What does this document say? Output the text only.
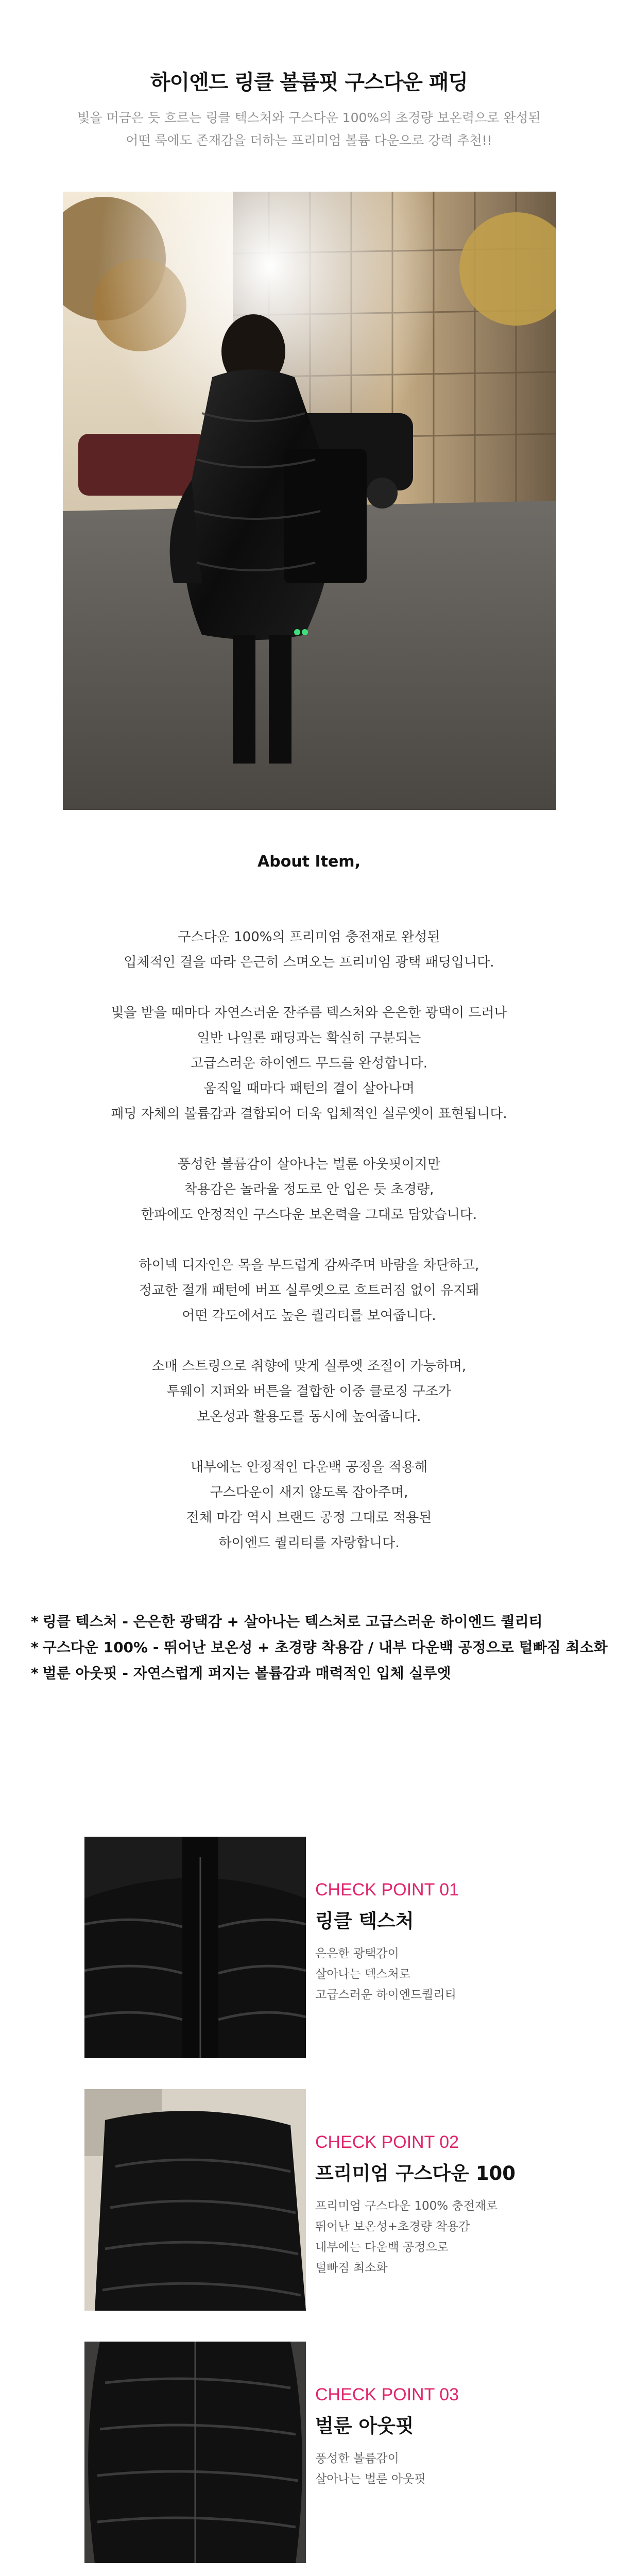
하이엔드 링클 볼륨핏 구스다운 패딩
빛을 머금은 듯 흐르는 링클 텍스처와 구스다운 100%의 초경량 보온력으로 완성된
어떤 룩에도 존재감을 더하는 프리미엄 볼륨 다운으로 강력 추천!!
About Item,

구스다운 100%의 프리미엄 충전재로 완성된
입체적인 결을 따라 은근히 스며오는 프리미엄 광택 패딩입니다.

빛을 받을 때마다 자연스러운 잔주름 텍스처와 은은한 광택이 드러나
일반 나일론 패딩과는 확실히 구분되는
고급스러운 하이엔드 무드를 완성합니다.
움직일 때마다 패턴의 결이 살아나며
패딩 자체의 볼륨감과 결합되어 더욱 입체적인 실루엣이 표현됩니다.

풍성한 볼륨감이 살아나는 벌룬 아웃핏이지만
착용감은 놀라울 정도로 안 입은 듯 초경량,
한파에도 안정적인 구스다운 보온력을 그대로 담았습니다.

하이넥 디자인은 목을 부드럽게 감싸주며 바람을 차단하고,
정교한 절개 패턴에 버프 실루엣으로 흐트러짐 없이 유지돼
어떤 각도에서도 높은 퀄리티를 보여줍니다.

소매 스트링으로 취향에 맞게 실루엣 조절이 가능하며,
투웨이 지퍼와 버튼을 결합한 이중 클로징 구조가
보온성과 활용도를 동시에 높여줍니다.

내부에는 안정적인 다운백 공정을 적용해
구스다운이 새지 않도록 잡아주며,
전체 마감 역시 브랜드 공정 그대로 적용된
하이엔드 퀄리티를 자랑합니다.

* 링클 텍스처 - 은은한 광택감 + 살아나는 텍스처로 고급스러운 하이엔드 퀄리티
* 구스다운 100% - 뛰어난 보온성 + 초경량 착용감 / 내부 다운백 공정으로 털빠짐 최소화
* 벌룬 아웃핏 - 자연스럽게 퍼지는 볼륨감과 매력적인 입체 실루엣
CHECK POINT 01
링클 텍스처
은은한 광택감이
살아나는 텍스처로
고급스러운 하이엔드퀄리티
CHECK POINT 02
프리미엄 구스다운 100
프리미엄 구스다운 100% 충전재로
뛰어난 보온성+초경량 착용감
내부에는 다운백 공정으로
털빠짐 최소화
CHECK POINT 03
벌룬 아웃핏
풍성한 볼륨감이
살아나는 벌룬 아웃핏
